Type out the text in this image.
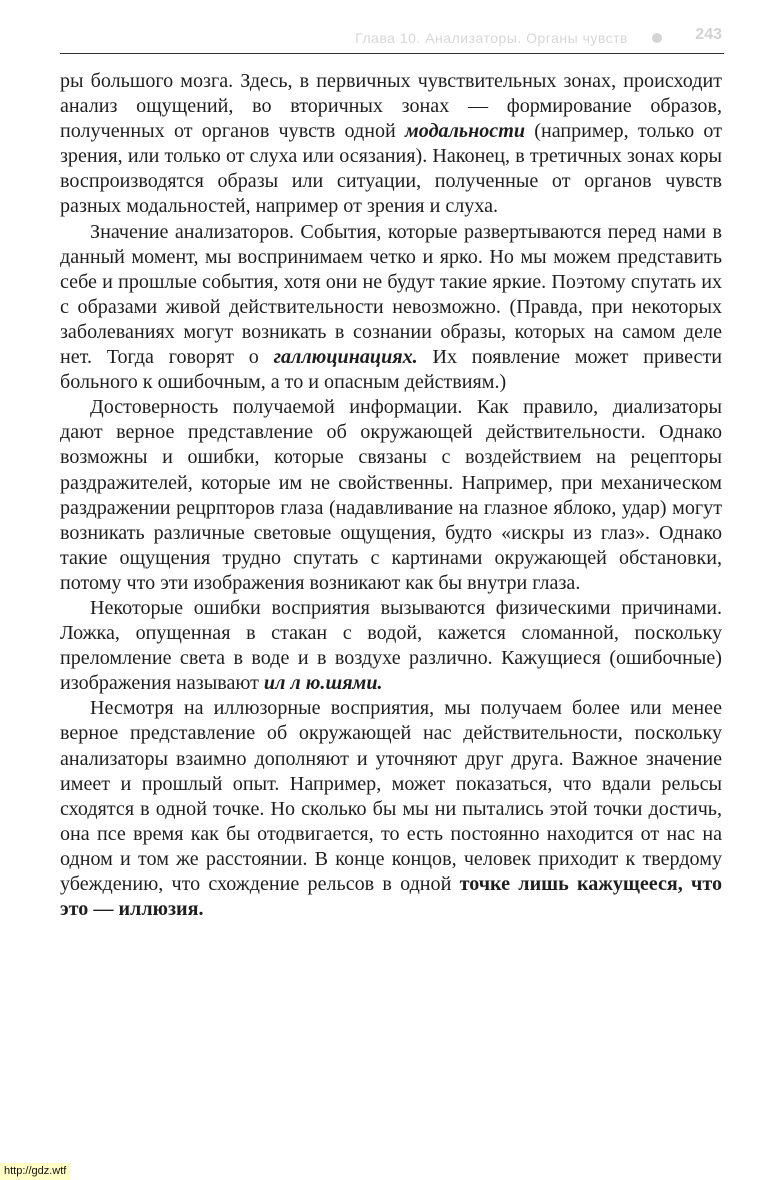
Глава 10. Анализаторы. Органы чувств	243

ры большого мозга. Здесь, в первичных чувствительных зонах, происходит анализ ощущений, во вторичных зонах — формирование образов, полученных от органов чувств одной модальности (например, только от зрения, или только от слуха или осязания). Наконец, в третичных зонах коры воспроизводятся образы или ситуации, полученные от органов чувств разных модальностей, например от зрения и слуха.

Значение анализаторов. События, которые развертываются перед нами в данный момент, мы воспринимаем четко и ярко. Но мы можем представить себе и прошлые события, хотя они не будут такие яркие. Поэтому спутать их с образами живой действительности невозможно. (Правда, при некоторых заболеваниях могут возникать в сознании образы, которых на самом деле нет. Тогда говорят о галлюцинациях. Их появление может привести больного к ошибочным, а то и опасным действиям.)

Достоверность получаемой информации. Как правило, диализаторы дают верное представление об окружающей действительности. Однако возможны и ошибки, которые связаны с воздействием на рецепторы раздражителей, которые им не свойственны. Например, при механическом раздражении рецрпторов глаза (надавливание на глазное яблоко, удар) могут возникать различные световые ощущения, будто «искры из глаз». Однако такие ощущения трудно спутать с картинами окружающей обстановки, потому что эти изображения возникают как бы внутри глаза.

Некоторые ошибки восприятия вызываются физическими причинами. Ложка, опущенная в стакан с водой, кажется сломанной, поскольку преломление света в воде и в воздухе различно. Кажущиеся (ошибочные) изображения называют ил л ю.шями.

Несмотря на иллюзорные восприятия, мы получаем более или менее верное представление об окружающей нас действительности, поскольку анализаторы взаимно дополняют и уточняют друг друга. Важное значение имеет и прошлый опыт. Например, может показаться, что вдали рельсы сходятся в одной точке. Но сколько бы мы ни пытались этой точки достичь, она псе время как бы отодвигается, то есть постоянно находится от нас на одном и том же расстоянии. В конце концов, человек приходит к твердому убеждению, что схождение рельсов в одной точке лишь кажущееся, что это — иллюзия.

http://gdz.wtf
